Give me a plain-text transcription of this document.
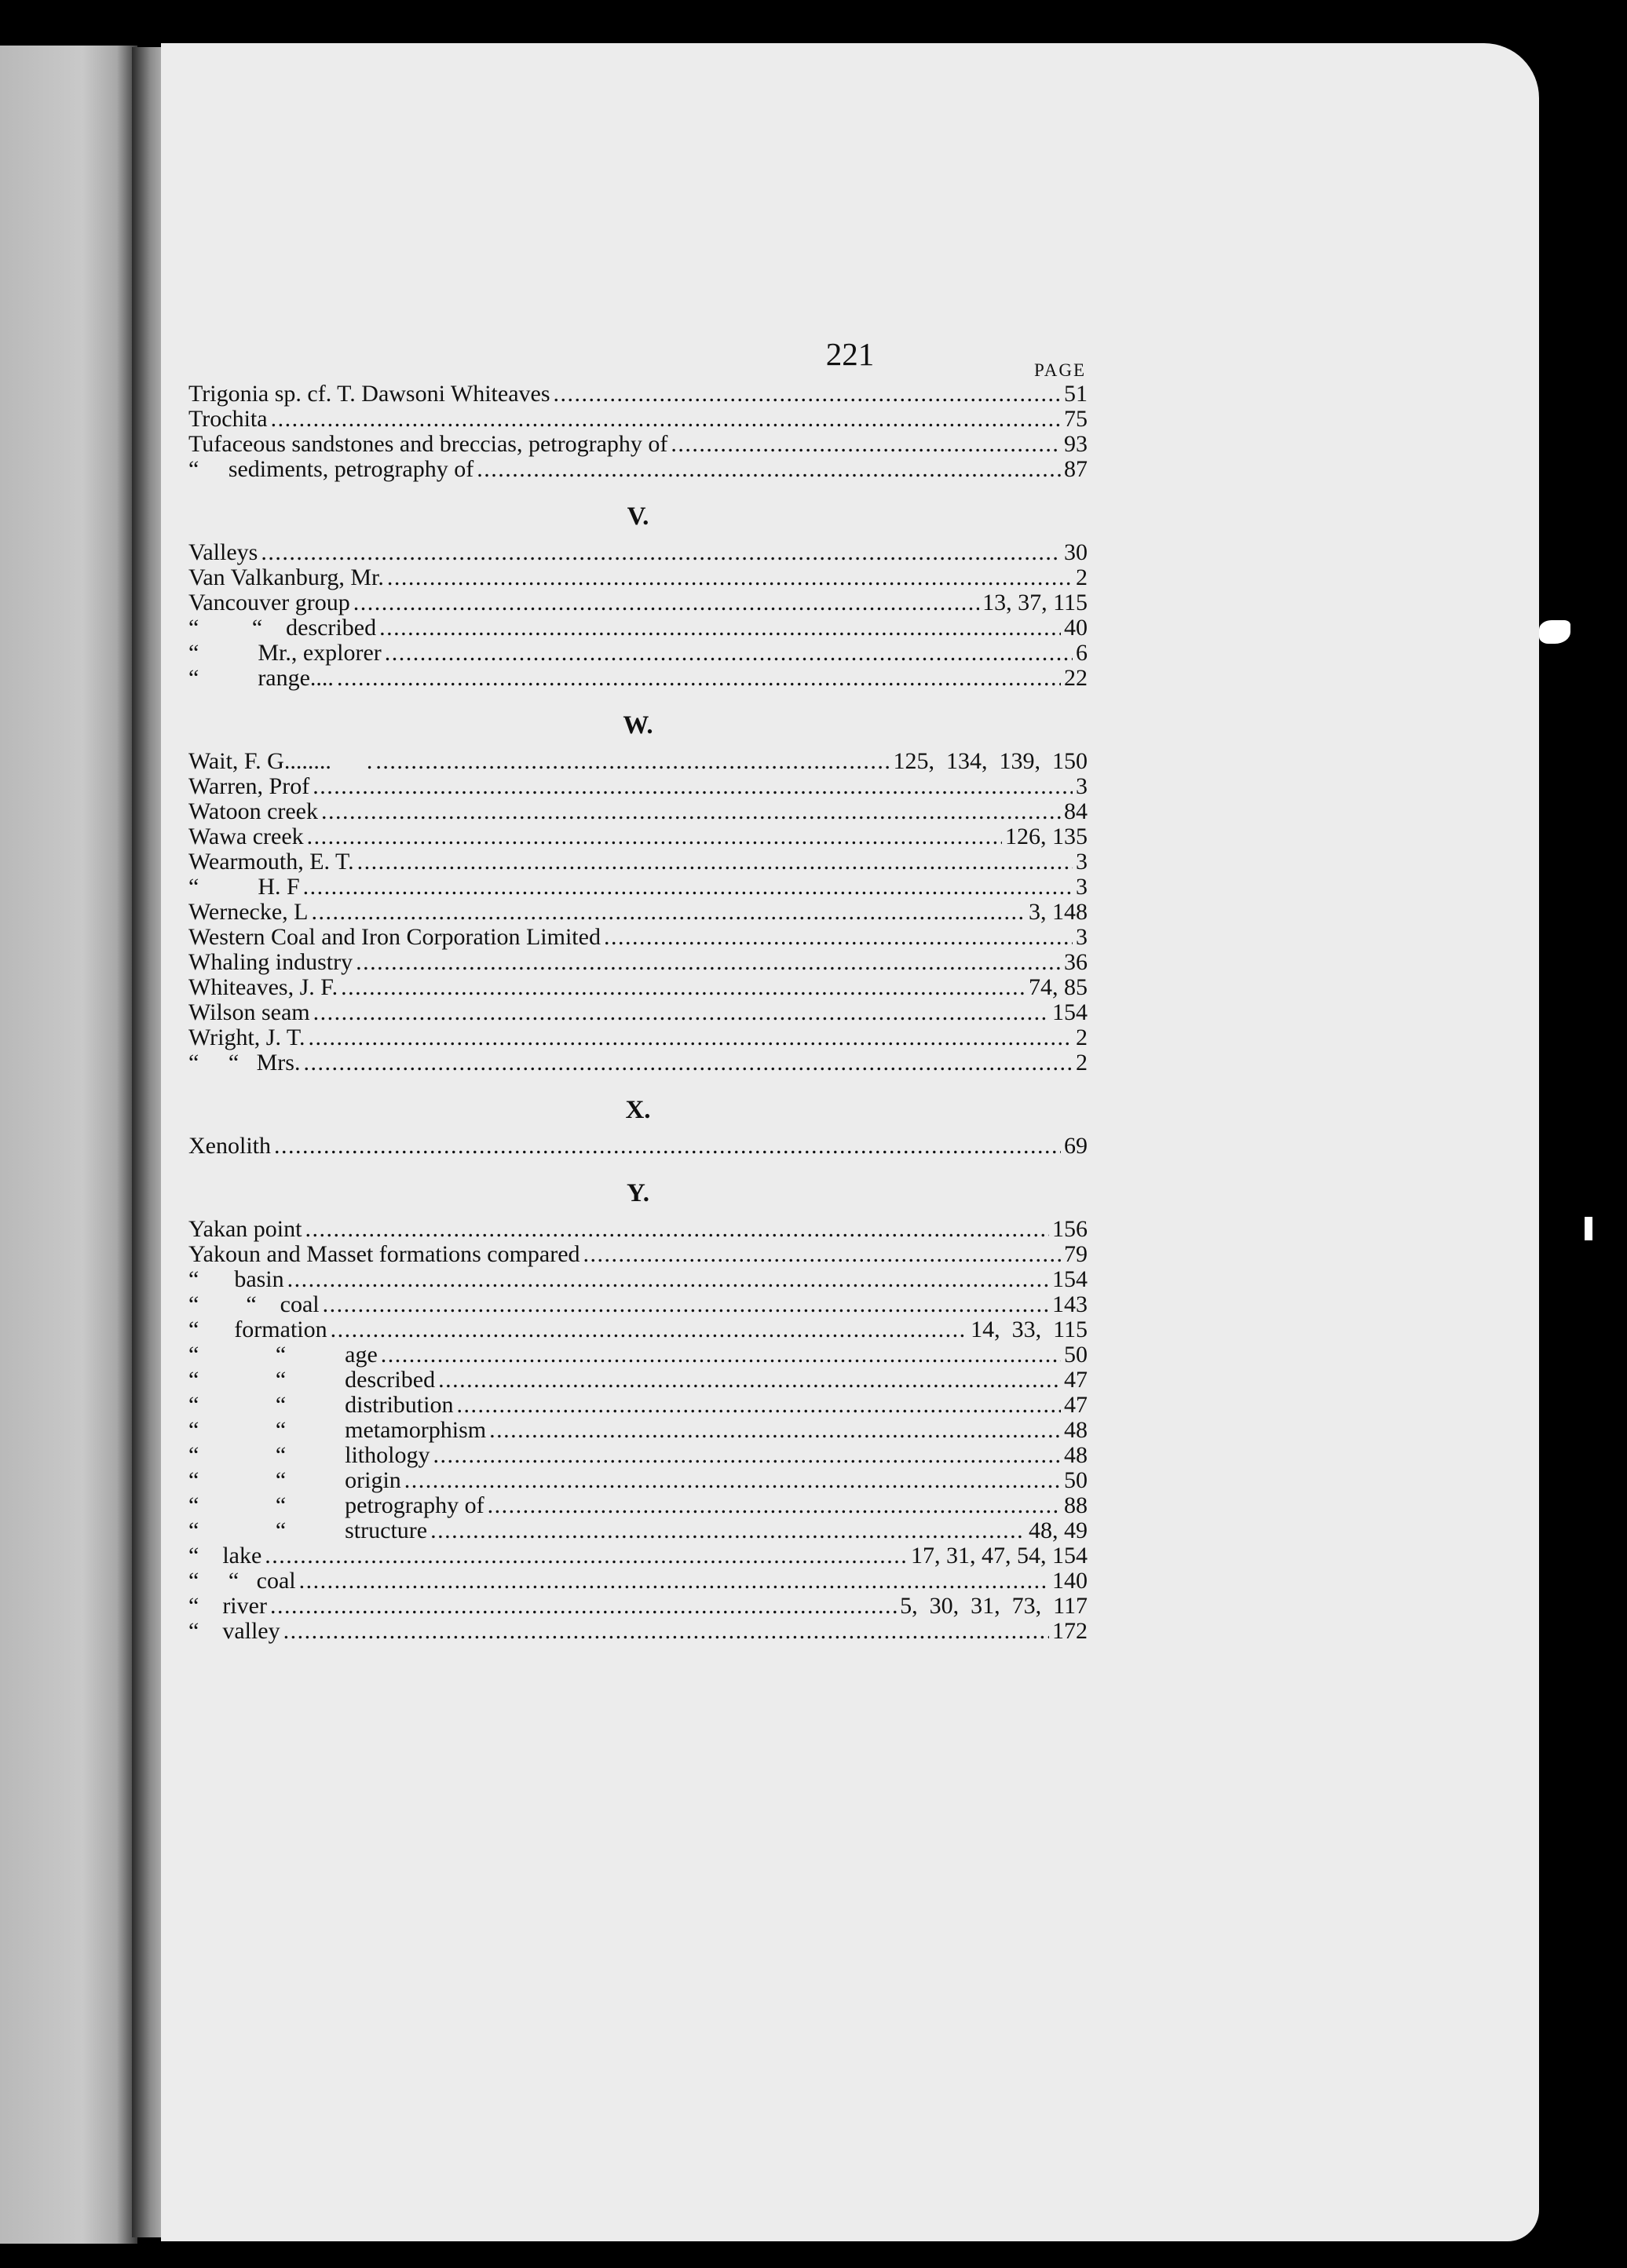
221	PAGE
Trigonia sp. cf. T. Dawsoni Whiteaves . . .	51
Trochita . . .	75
Tufaceous sandstones and breccias, petrography of . . .	93
“     sediments, petrography of . . .	87
V.
Valleys . . .	30
Van Valkanburg, Mr. . . .	2
Vancouver group . . .	13, 37, 115
“         “    described . . .	40
“          Mr., explorer . . .	6
“          range.... . . .	22
W.
Wait, F. G........      . . . .	125,  134,  139,  150
Warren, Prof . . .	3
Watoon creek . . .	84
Wawa creek . . .	126, 135
Wearmouth, E. T. . . .	3
“          H. F . . .	3
Wernecke, L . . .	3, 148
Western Coal and Iron Corporation Limited . . .	3
Whaling industry . . .	36
Whiteaves, J. F. . . .	74, 85
Wilson seam . . .	154
Wright, J. T. . . .	2
“     “   Mrs. . . .	2
X.
Xenolith . . .	69
Y.
Yakan point . . .	156
Yakoun and Masset formations compared . . .	79
“      basin . . .	154
“        “    coal . . .	143
“      formation . . .	14,  33,  115
“             “          age . . .	50
“             “          described . . .	47
“             “          distribution . . .	47
“             “          metamorphism . . .	48
“             “          lithology . . .	48
“             “          origin . . .	50
“             “          petrography of . . .	88
“             “          structure . . .	48, 49
“    lake . . .	17, 31, 47, 54, 154
“     “   coal . . .	140
“    river . . .	5,  30,  31,  73,  117
“    valley . . .	172
